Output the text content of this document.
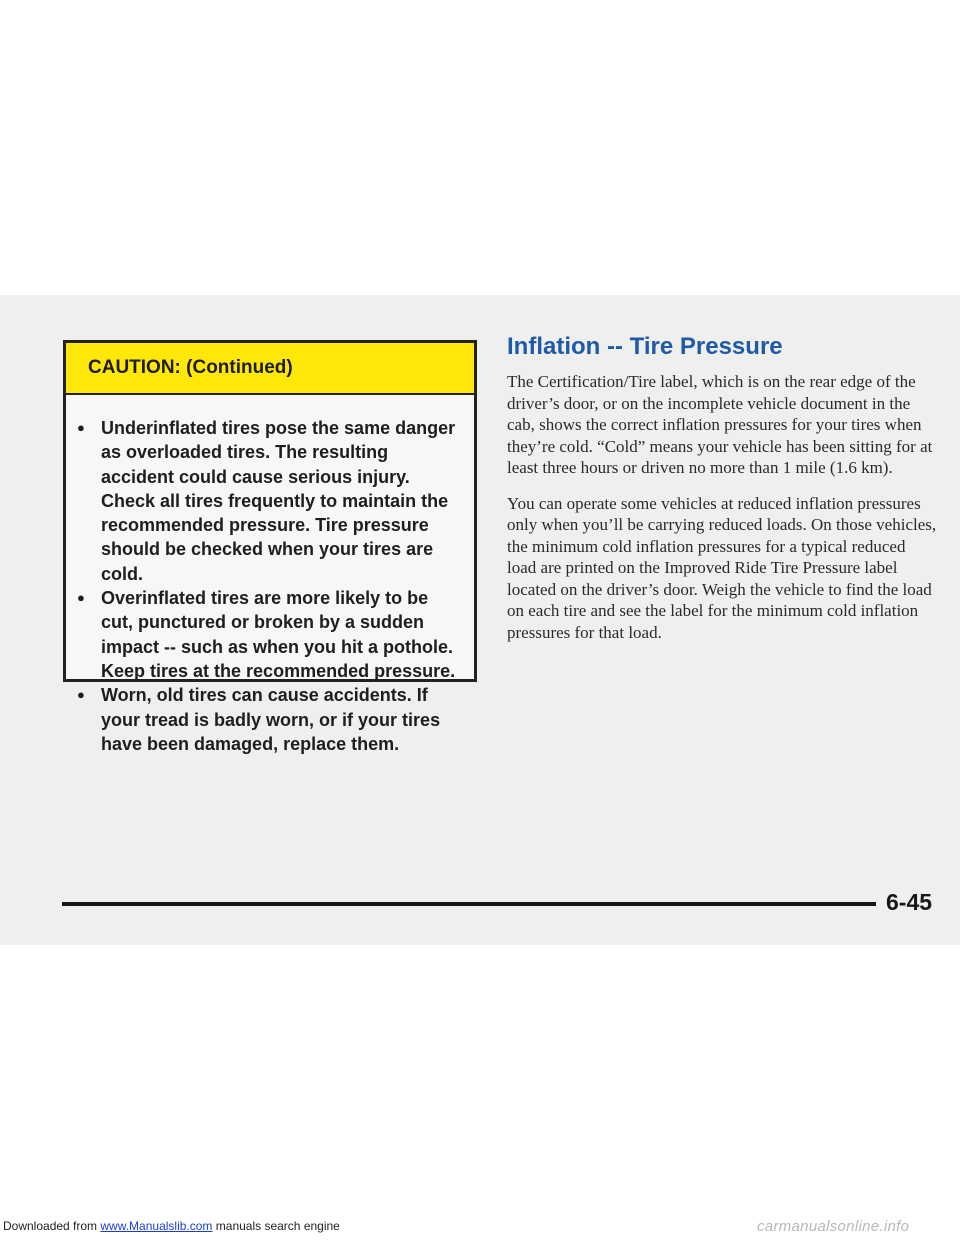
CAUTION: (Continued)
● Underinflated tires pose the same danger as overloaded tires. The resulting accident could cause serious injury. Check all tires frequently to maintain the recommended pressure. Tire pressure should be checked when your tires are cold.
● Overinflated tires are more likely to be cut, punctured or broken by a sudden impact -- such as when you hit a pothole. Keep tires at the recommended pressure.
● Worn, old tires can cause accidents. If your tread is badly worn, or if your tires have been damaged, replace them.
Inflation -- Tire Pressure

The Certification/Tire label, which is on the rear edge of the driver’s door, or on the incomplete vehicle document in the cab, shows the correct inflation pressures for your tires when they’re cold. “Cold” means your vehicle has been sitting for at least three hours or driven no more than 1 mile (1.6 km).

You can operate some vehicles at reduced inflation pressures only when you’ll be carrying reduced loads. On those vehicles, the minimum cold inflation pressures for a typical reduced load are printed on the Improved Ride Tire Pressure label located on the driver’s door. Weigh the vehicle to find the load on each tire and see the label for the minimum cold inflation pressures for that load.

6-45
Downloaded from www.Manualslib.com manuals search engine	carmanualsonline.info
